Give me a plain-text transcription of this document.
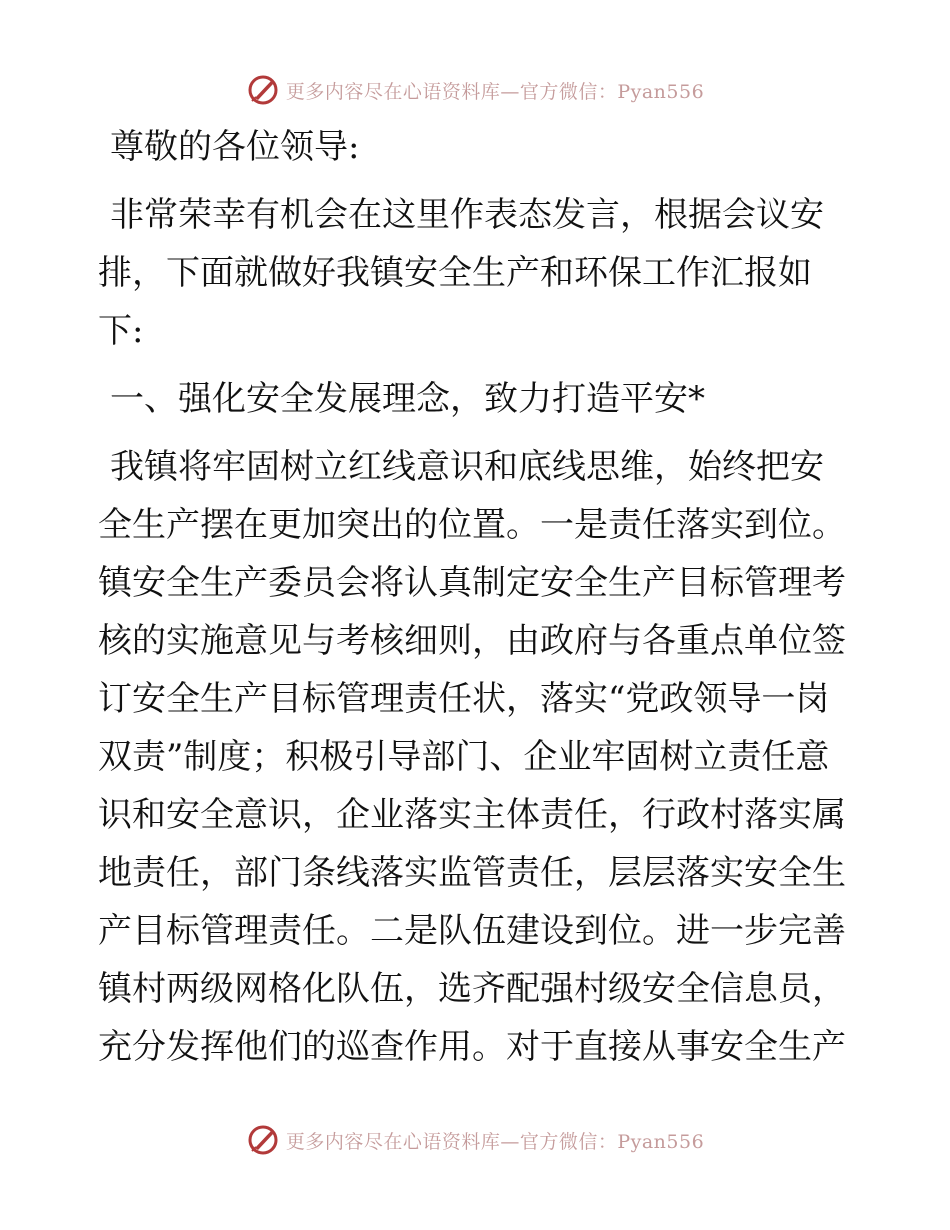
更多内容尽在心语资料库—官方微信：Pyan556
尊敬的各位领导:
非常荣幸有机会在这里作表态发言，根据会议安
排，下面就做好我镇安全生产和环保工作汇报如
下:
一、强化安全发展理念，致力打造平安*
我镇将牢固树立红线意识和底线思维，始终把安
全生产摆在更加突出的位置。一是责任落实到位。
镇安全生产委员会将认真制定安全生产目标管理考
核的实施意见与考核细则，由政府与各重点单位签
订安全生产目标管理责任状，落实“党政领导一岗
双责”制度；积极引导部门、企业牢固树立责任意
识和安全意识，企业落实主体责任，行政村落实属
地责任，部门条线落实监管责任，层层落实安全生
产目标管理责任。二是队伍建设到位。进一步完善
镇村两级网格化队伍，选齐配强村级安全信息员，
充分发挥他们的巡查作用。对于直接从事安全生产
更多内容尽在心语资料库—官方微信：Pyan556
